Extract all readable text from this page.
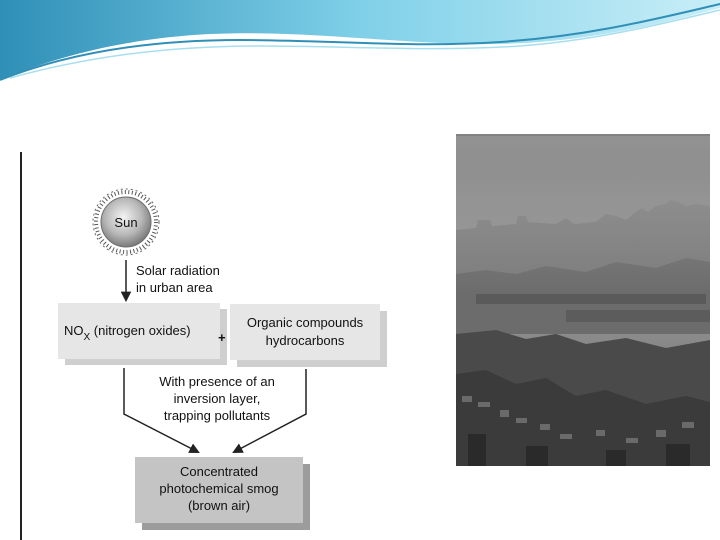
Sun
Solar radiation
in urban area
$NO_X$ (nitrogen oxides) +
Organic compounds
hydrocarbons
With presence of an
inversion layer,
trapping pollutants
Concentrated
photochemical smog
(brown air)
